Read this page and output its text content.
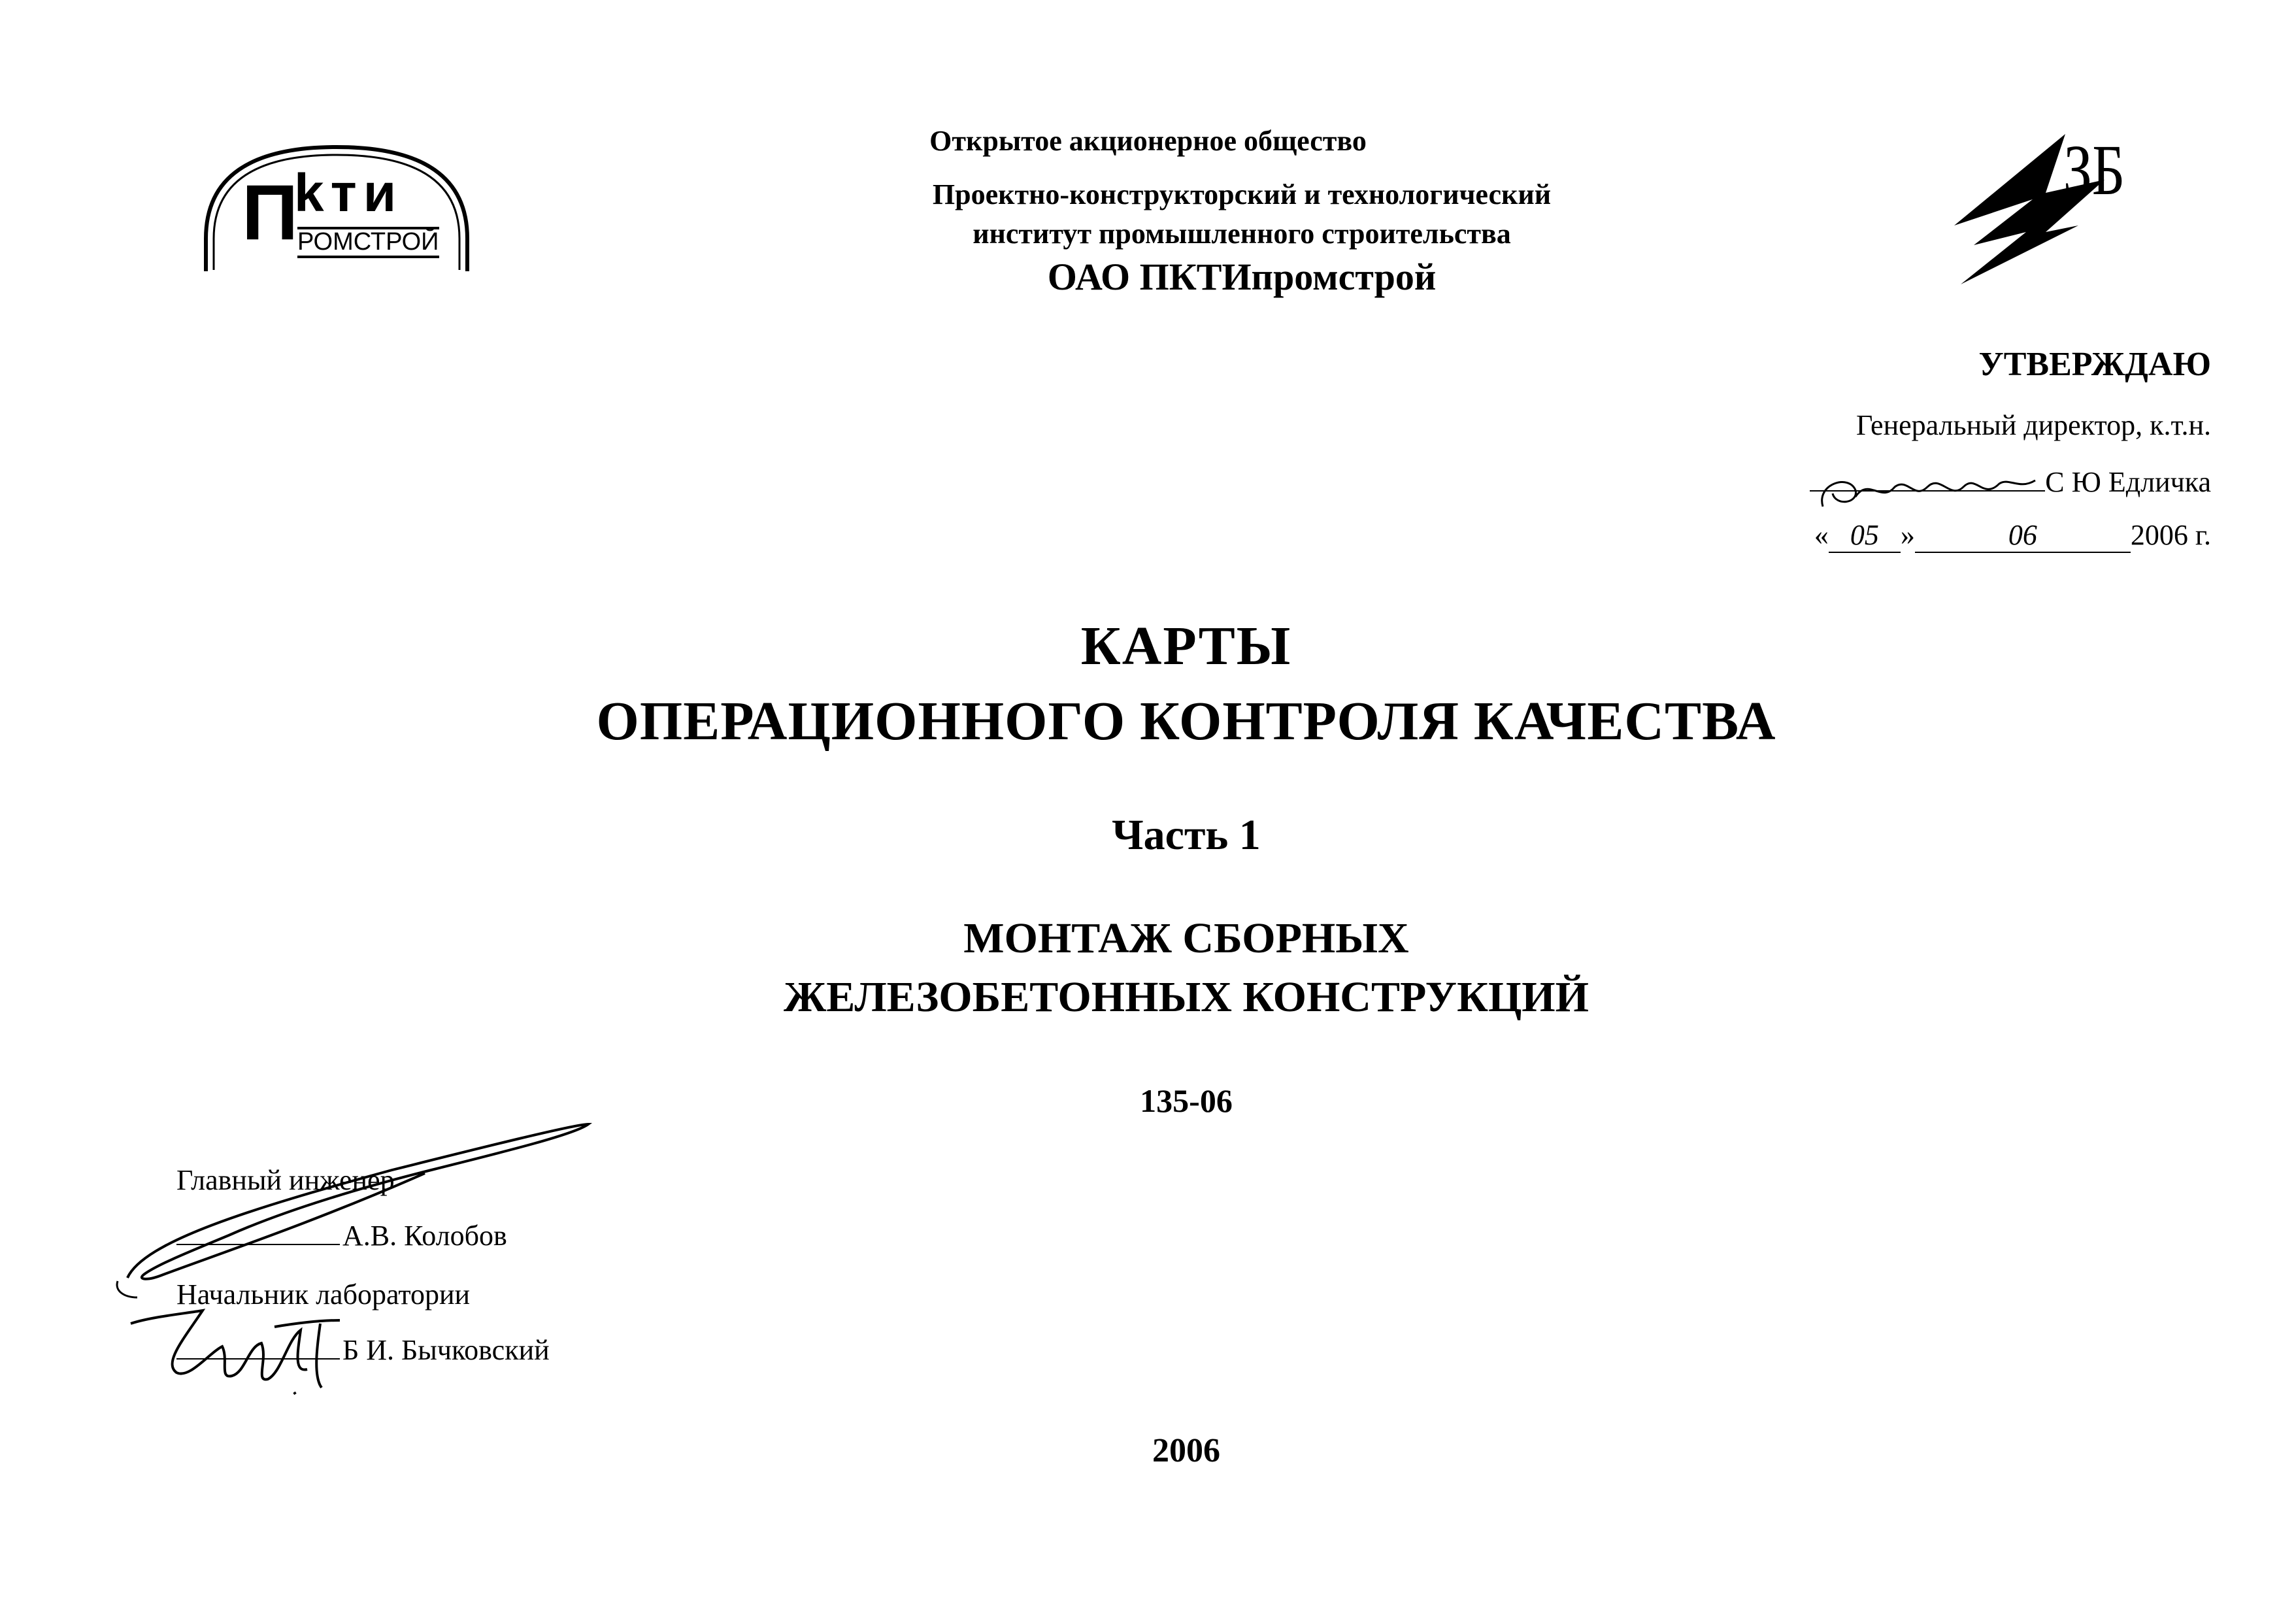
П
kти
РОМСТРОЙ
ЗБ
Открытое акционерное общество
Проектно-конструкторский и технологический
институт промышленного строительства
ОАО ПКТИпромстрой
УТВЕРЖДАЮ
Генеральный директор, к.т.н.
С Ю Едличка
« 05 »	06	2006 г.
КАРТЫ
ОПЕРАЦИОННОГО КОНТРОЛЯ КАЧЕСТВА
Часть 1
МОНТАЖ СБОРНЫХ
ЖЕЛЕЗОБЕТОННЫХ КОНСТРУКЦИЙ
135-06
Главный инженер
А.В. Колобов
Начальник лаборатории
Б И. Бычковский
2006
